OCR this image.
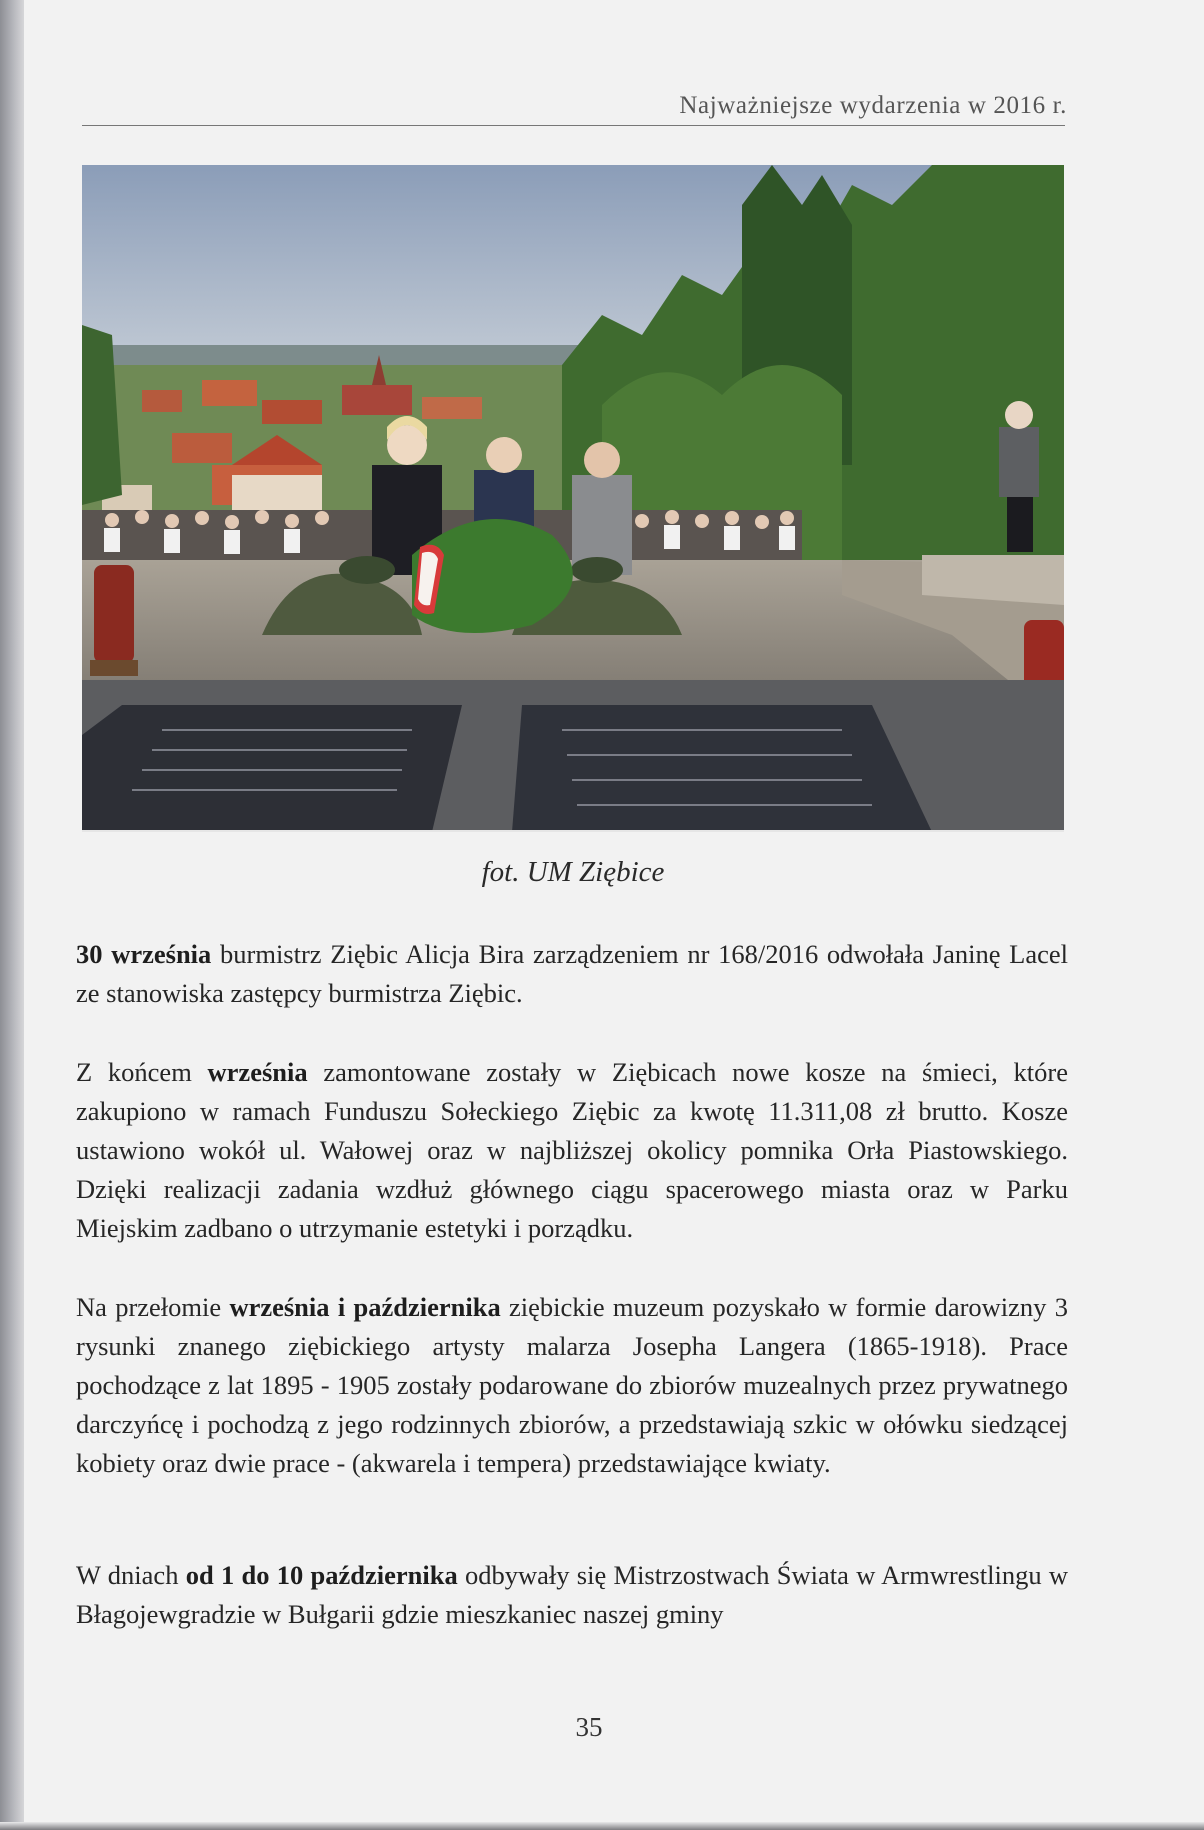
Najważniejsze wydarzenia w 2016 r.
fot. UM Ziębice

30 września burmistrz Ziębic Alicja Bira zarządzeniem nr 168/2016 odwołała Janinę Lacel ze stanowiska zastępcy burmistrza Ziębic.

Z końcem września zamontowane zostały w Ziębicach nowe kosze na śmieci, które zakupiono w ramach Funduszu Sołeckiego Ziębic za kwotę 11.311,08 zł brutto. Kosze ustawiono wokół ul. Wałowej oraz w najbliższej okolicy pomnika Orła Piastowskiego. Dzięki realizacji zadania wzdłuż głównego ciągu spacerowego miasta oraz w Parku Miejskim zadbano o utrzymanie estetyki i porządku.

Na przełomie września i października ziębickie muzeum pozyskało w formie darowizny 3 rysunki znanego ziębickiego artysty malarza Josepha Langera (1865-1918). Prace pochodzące z lat 1895 - 1905 zostały podarowane do zbiorów muzealnych przez prywatnego darczyńcę i pochodzą z jego rodzinnych zbiorów, a przedstawiają szkic w ołówku siedzącej kobiety oraz dwie prace - (akwarela i tempera) przedstawiające kwiaty.

W dniach od 1 do 10 października odbywały się Mistrzostwach Świata w Armwrestlingu w Błagojewgradzie w Bułgarii gdzie mieszkaniec naszej gminy

35
